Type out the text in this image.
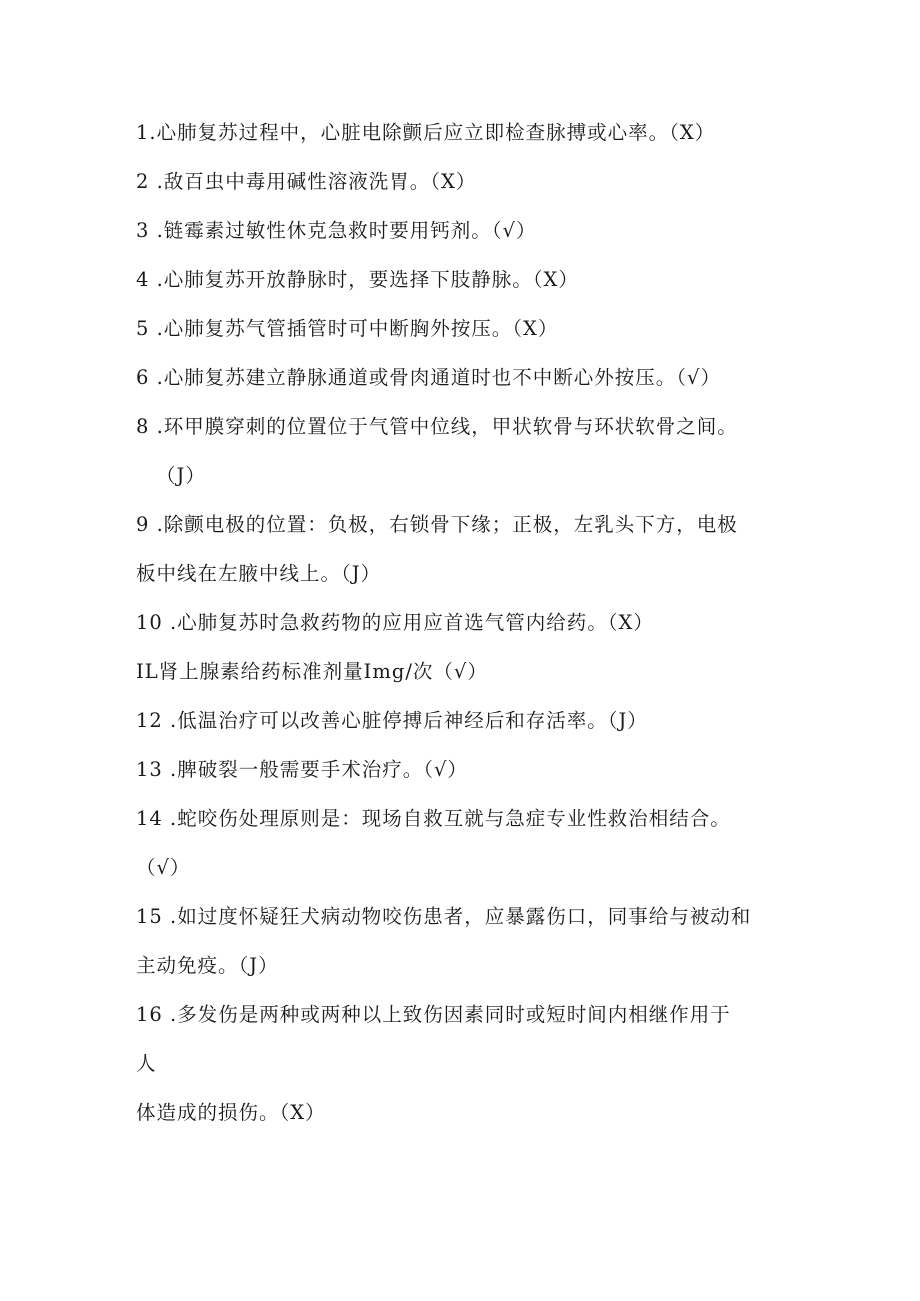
1.心肺复苏过程中，心脏电除颤后应立即检查脉搏或心率。（X）
2 .敌百虫中毒用碱性溶液洗胃。（X）
3 .链霉素过敏性休克急救时要用钙剂。（√）
4 .心肺复苏开放静脉时，要选择下肢静脉。（X）
5 .心肺复苏气管插管时可中断胸外按压。（X）
6 .心肺复苏建立静脉通道或骨肉通道时也不中断心外按压。（√）
8 .环甲膜穿刺的位置位于气管中位线，甲状软骨与环状软骨之间。
（J）
9 .除颤电极的位置：负极，右锁骨下缘；正极，左乳头下方，电极
板中线在左腋中线上。（J）
10 .心肺复苏时急救药物的应用应首选气管内给药。（X）
IL肾上腺素给药标准剂量Img/次（√）
12 .低温治疗可以改善心脏停搏后神经后和存活率。（J）
13 .脾破裂一般需要手术治疗。（√）
14 .蛇咬伤处理原则是：现场自救互就与急症专业性救治相结合。
（√）
15 .如过度怀疑狂犬病动物咬伤患者，应暴露伤口，同事给与被动和
主动免疫。（J）
16 .多发伤是两种或两种以上致伤因素同时或短时间内相继作用于
人
体造成的损伤。（X）
